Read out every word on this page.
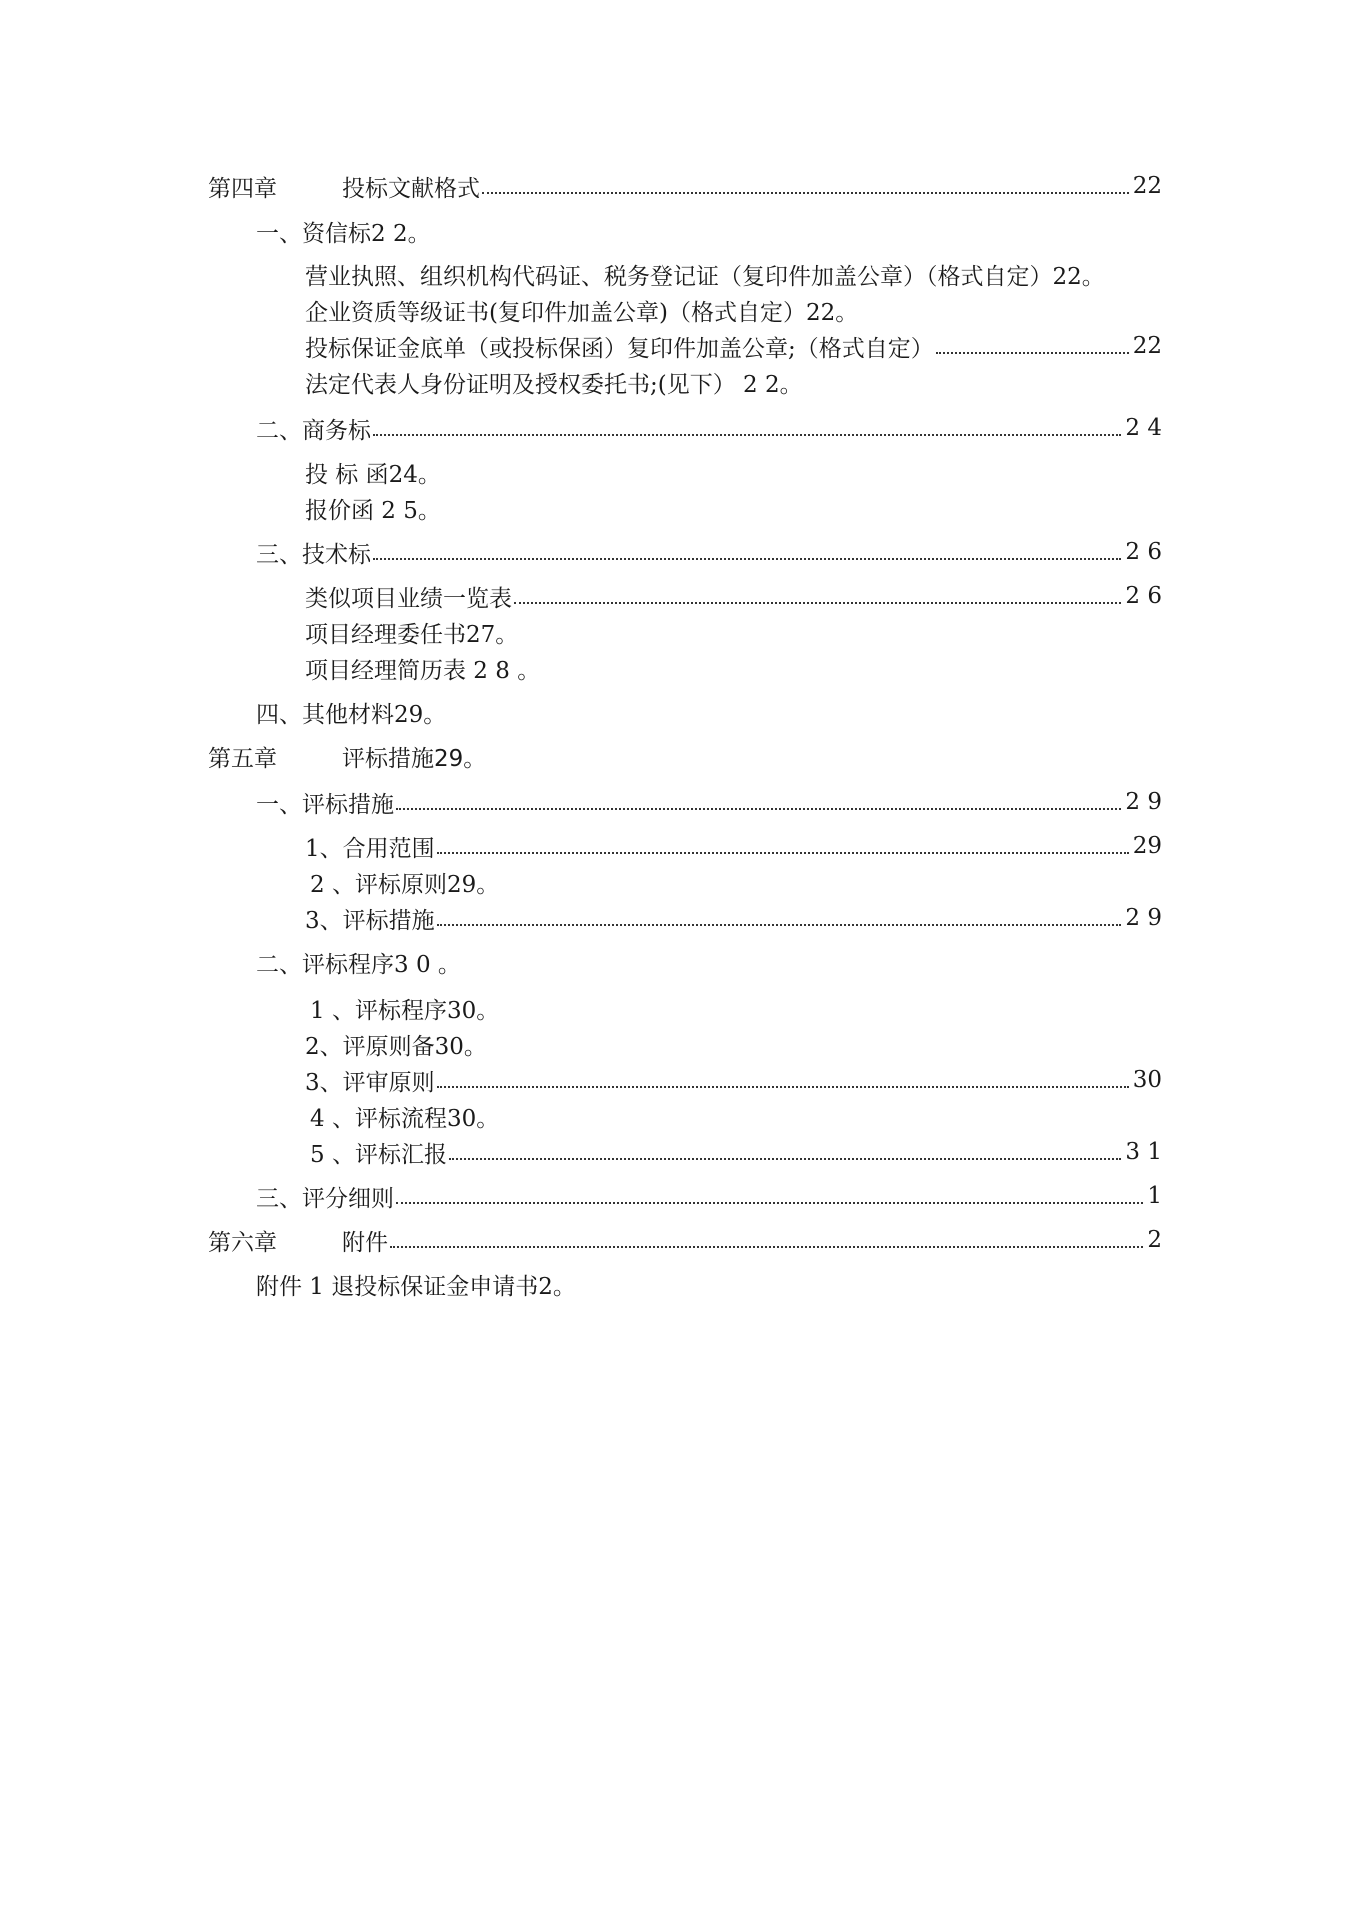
第四章	投标文献格式	22
一、资信标2 2。
营业执照、组织机构代码证、税务登记证（复印件加盖公章）（格式自定）22。
企业资质等级证书(复印件加盖公章)（格式自定）22。
投标保证金底单（或投标保函）复印件加盖公章;（格式自定）	22
法定代表人身份证明及授权委托书;(见下） 2 2。
二、商务标	2 4
投 标 函24。
报价函 2 5。
三、技术标	2 6
类似项目业绩一览表	2 6
项目经理委任书27。
项目经理简历表 2 8 。
四、其他材料29。
第五章	评标措施29。
一、评标措施	2 9
1、合用范围	29
2 、评标原则29。
3、评标措施	2 9
二、评标程序3 0 。
1 、评标程序30。
2、评原则备30。
3、评审原则	30
4 、评标流程30。
5 、评标汇报	3 1
三、评分细则	1
第六章	附件	2
附件 1 退投标保证金申请书2。
